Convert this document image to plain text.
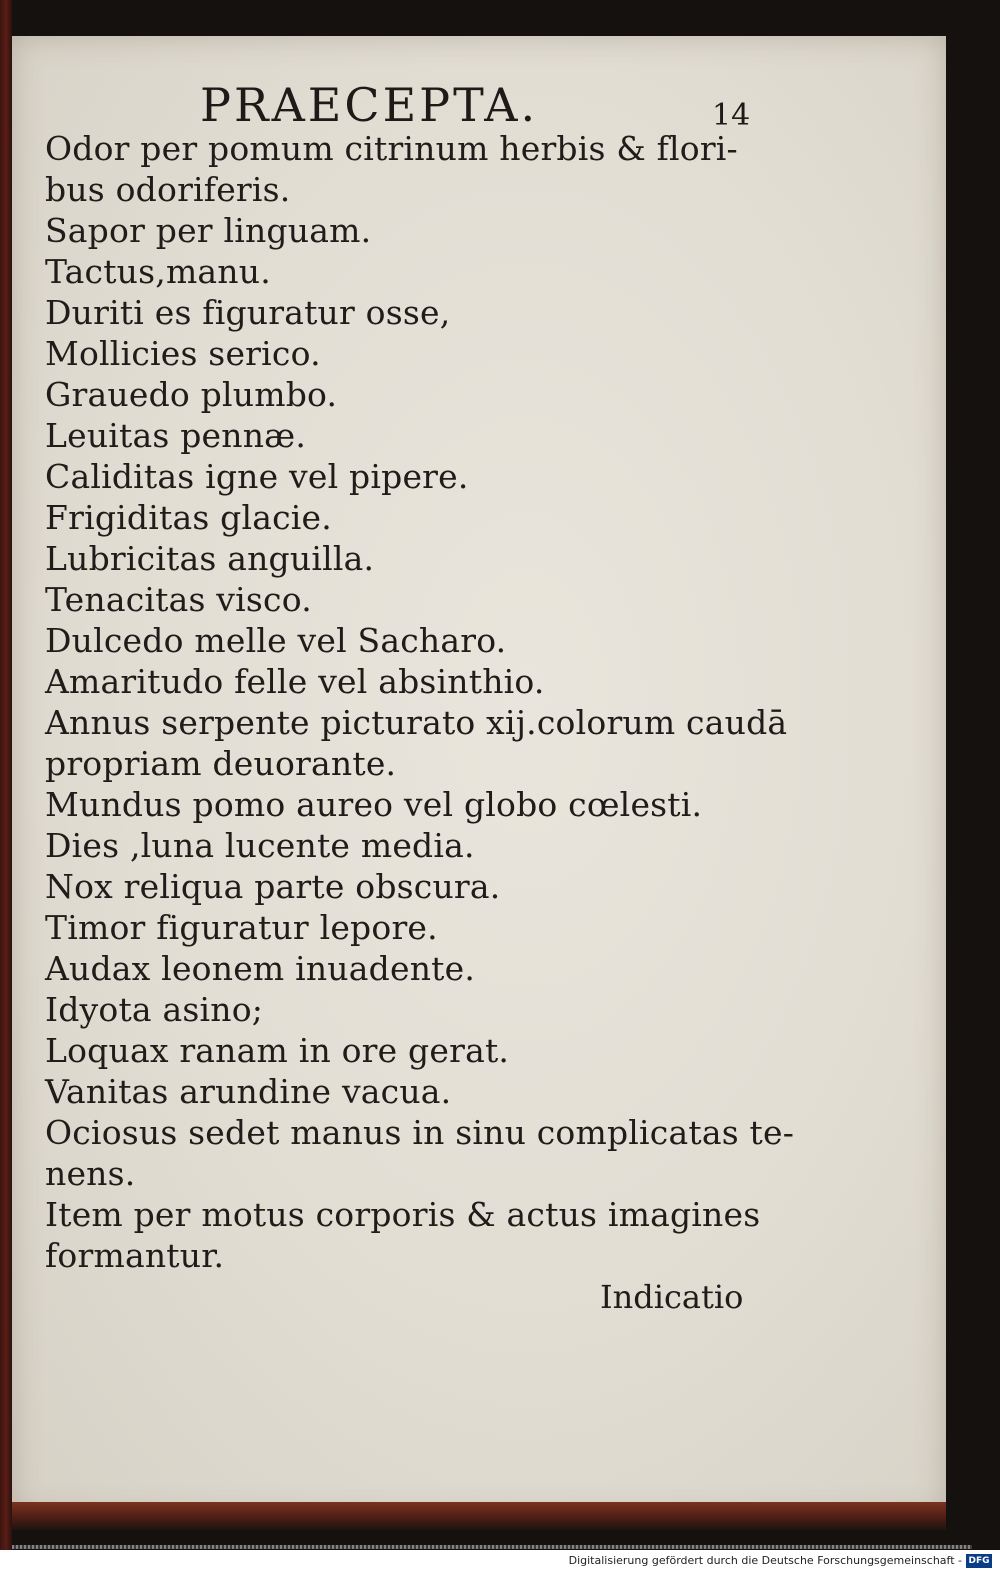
PRAECEPTA.	14
Odor per pomum citrinum herbis & flori-
bus odoriferis.
Sapor per linguam.
Tactus,manu.
Duriti es figuratur osse,
Mollicies serico.
Grauedo plumbo.
Leuitas pennæ.
Caliditas igne vel pipere.
Frigiditas glacie.
Lubricitas anguilla.
Tenacitas visco.
Dulcedo melle vel Sacharo.
Amaritudo felle vel absinthio.
Annus serpente picturato xij.colorum caudā
propriam deuorante.
Mundus pomo aureo vel globo cœlesti.
Dies ,luna lucente media.
Nox reliqua parte obscura.
Timor figuratur lepore.
Audax leonem inuadente.
Idyota asino;
Loquax ranam in ore gerat.
Vanitas arundine vacua.
Ociosus sedet manus in sinu complicatas te-
nens.
Item per motus corporis & actus imagines
formantur.
Indicatio
Digitalisierung gefördert durch die Deutsche Forschungsgemeinschaft - DFG
